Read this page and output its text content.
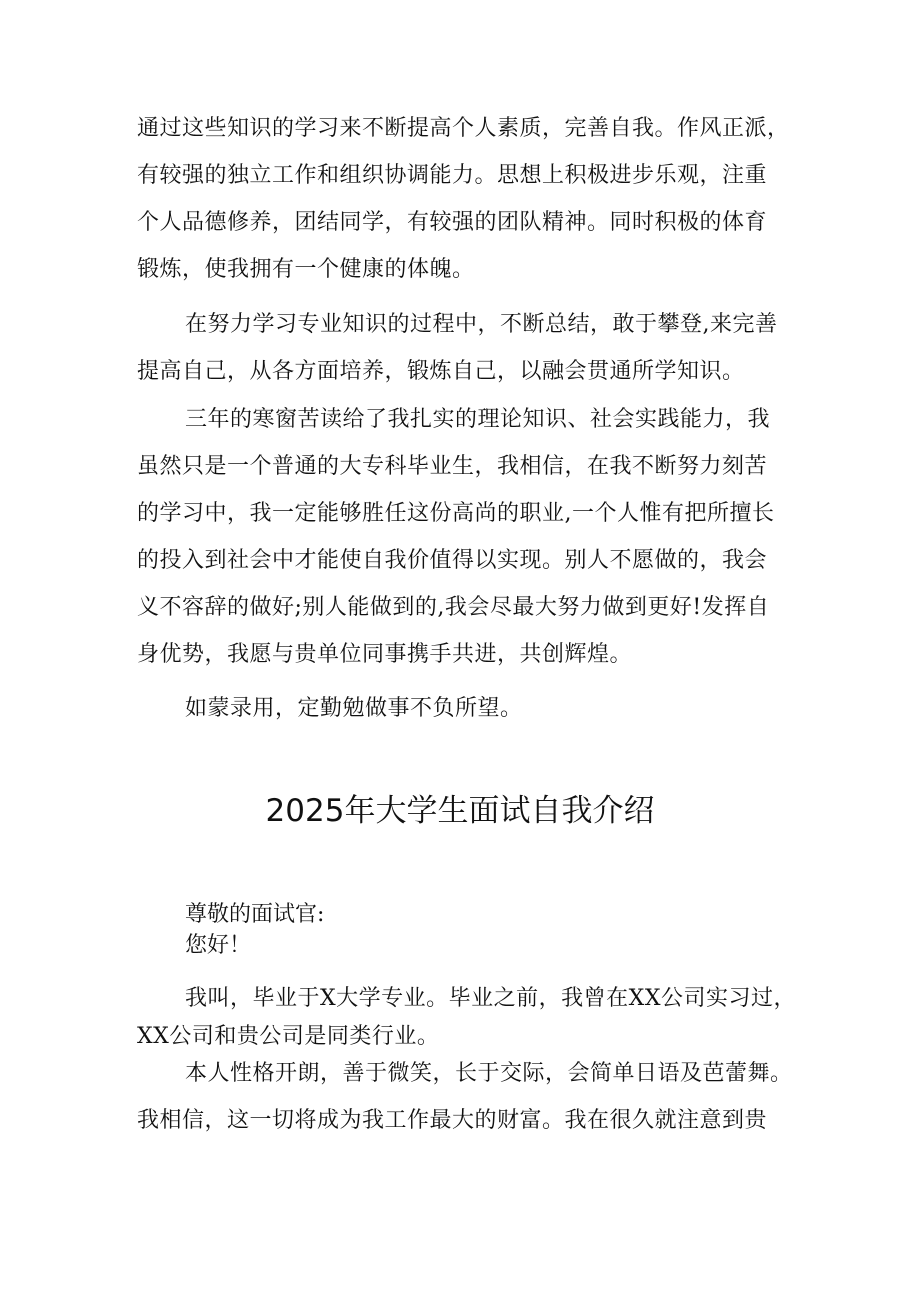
通过这些知识的学习来不断提高个人素质，完善自我。作风正派，
有较强的独立工作和组织协调能力。思想上积极进步乐观，注重
个人品德修养，团结同学，有较强的团队精神。同时积极的体育
锻炼，使我拥有一个健康的体魄。
在努力学习专业知识的过程中，不断总结，敢于攀登,来完善
提高自己，从各方面培养，锻炼自己，以融会贯通所学知识。
三年的寒窗苦读给了我扎实的理论知识、社会实践能力，我
虽然只是一个普通的大专科毕业生，我相信，在我不断努力刻苦
的学习中，我一定能够胜任这份高尚的职业,一个人惟有把所擅长
的投入到社会中才能使自我价值得以实现。别人不愿做的，我会
义不容辞的做好;别人能做到的,我会尽最大努力做到更好!发挥自
身优势，我愿与贵单位同事携手共进，共创辉煌。
如蒙录用，定勤勉做事不负所望。
2025年大学生面试自我介绍
尊敬的面试官:
您好！
我叫，毕业于X大学专业。毕业之前，我曾在XX公司实习过，
XX公司和贵公司是同类行业。
本人性格开朗，善于微笑，长于交际，会简单日语及芭蕾舞。
我相信，这一切将成为我工作最大的财富。我在很久就注意到贵
